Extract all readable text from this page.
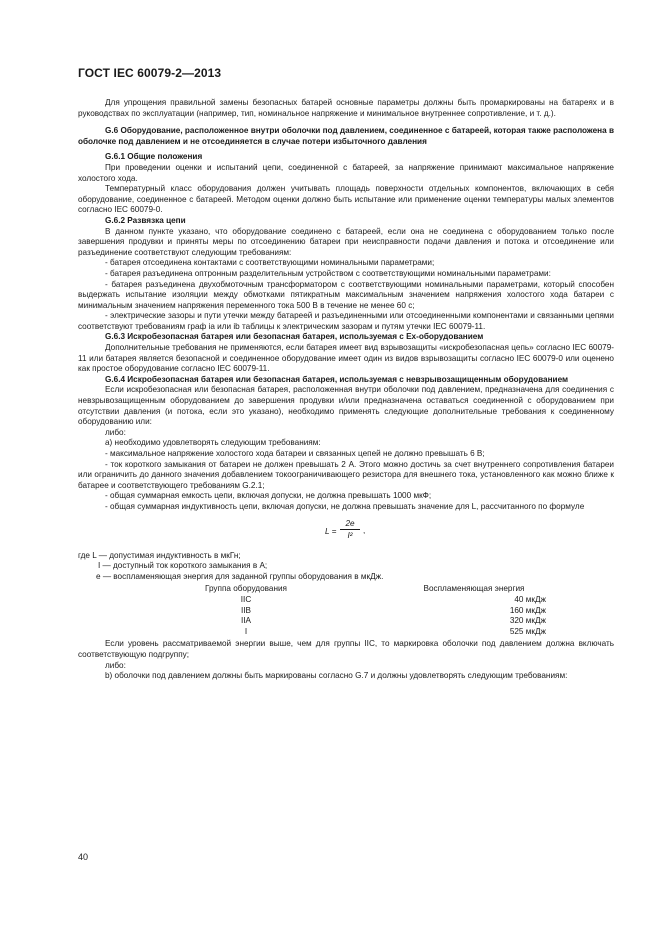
ГОСТ IEC 60079-2—2013

Для упрощения правильной замены безопасных батарей основные параметры должны быть промаркированы на батареях и в руководствах по эксплуатации (например, тип, номинальное напряжение и минимальное внутреннее сопротивление, и т. д.).

G.6 Оборудование, расположенное внутри оболочки под давлением, соединенное с батареей, которая также расположена в оболочке под давлением и не отсоединяется в случае потери избыточного давления

G.6.1 Общие положения

При проведении оценки и испытаний цепи, соединенной с батареей, за напряжение принимают максимальное напряжение холостого хода.

Температурный класс оборудования должен учитывать площадь поверхности отдельных компонентов, включающих в себя оборудование, соединенное с батареей. Методом оценки должно быть испытание или применение оценки температуры малых элементов согласно IEC 60079-0.

G.6.2 Развязка цепи

В данном пункте указано, что оборудование соединено с батареей, если она не соединена с оборудованием только после завершения продувки и приняты меры по отсоединению батареи при неисправности подачи давления и потока и отсоединение или разъединение соответствуют следующим требованиям:

- батарея отсоединена контактами с соответствующими номинальными параметрами;

- батарея разъединена оптронным разделительным устройством с соответствующими номинальными параметрами:

- батарея разъединена двухобмоточным трансформатором с соответствующими номинальными параметрами, который способен выдержать испытание изоляции между обмотками пятикратным максимальным значением напряжения холостого хода батареи с минимальным значением напряжения переменного тока 500 В в течение не менее 60 с;

- электрические зазоры и пути утечки между батареей и разъединенными или отсоединенными компонентами и связанными цепями соответствуют требованиям граф ia или ib таблицы к электрическим зазорам и путям утечки IEC 60079-11.

G.6.3 Искробезопасная батарея или безопасная батарея, используемая с Ех-оборудованием

Дополнительные требования не применяются, если батарея имеет вид взрывозащиты «искробезопасная цепь» согласно IEC 60079-11 или батарея является безопасной и соединенное оборудование имеет один из видов взрывозащиты согласно IEC 60079-0 или оценено как простое оборудование согласно IEC 60079-11.

G.6.4 Искробезопасная батарея или безопасная батарея, используемая с невзрывозащищенным оборудованием

Если искробезопасная или безопасная батарея, расположенная внутри оболочки под давлением, предназначена для соединения с невзрывозащищенным оборудованием до завершения продувки и/или предназначена оставаться соединенной с оборудованием при отсутствии давления (и потока, если это указано), необходимо применять следующие дополнительные требования к соединенному оборудованию или:

либо:

a) необходимо удовлетворять следующим требованиям:

- максимальное напряжение холостого хода батареи и связанных цепей не должно превышать 6 В;

- ток короткого замыкания от батареи не должен превышать 2 А. Этого можно достичь за счет внутреннего сопротивления батареи или ограничить до данного значения добавлением токоограничивающего резистора для внешнего тока, установленного как можно ближе к батарее и соответствующего требованиям G.2.1;

- общая суммарная емкость цепи, включая допуски, не должна превышать 1000 мкФ;

- общая суммарная индуктивность цепи, включая допуски, не должна превышать значение для L, рассчитанного по формуле

$L = \frac{2e}{\text{I²}}$ ,

где L — допустимая индуктивность в мкГн;

I — доступный ток короткого замыкания в А;

e — воспламеняющая энергия для заданной группы оборудования в мкДж.

Группа оборудования	Воспламеняющая энергия
IIC	40 мкДж
IIB	160 мкДж
IIA	320 мкДж
I	525 мкДж

Если уровень рассматриваемой энергии выше, чем для группы IIC, то маркировка оболочки под давлением должна включать соответствующую подгруппу;

либо:

b) оболочки под давлением должны быть маркированы согласно G.7 и должны удовлетворять следующим требованиям:

40
